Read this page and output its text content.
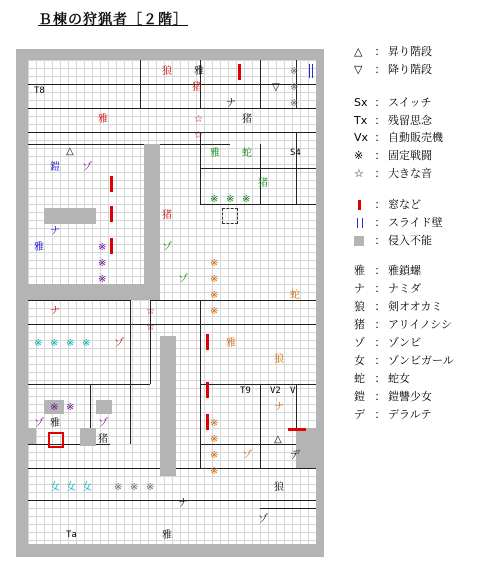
Ｂ棟の狩猟者［２階］
狼 雅	※
猪	▽ ※
※
ナ
雅	☆	猪
☆
△	雅 蛇
鎧 ゾ
猪
※ ※ ※
猪
ナ
雅	※	ゾ
※	※
※	ゾ ※
※	蛇
ナ	☆	※
☆
※ ※ ※ ※ ゾ	雅
狼
※ ※	ナ
ゾ 雅	ゾ	※
猪	※	△
※ ゾ	デ
※
女 女 女 ※ ※ ※	狼
ナ
ゾ
雅
T8
S4
T9 V2 V
Ta
△ ： 昇り階段
▽ ： 降り階段
Sx ： スイッチ
Tx ： 残留思念
Vx ： 自動販売機
※ ： 固定戦闘
☆ ： 大きな音
： 窓など
： スライド壁
： 侵入不能
雅 ： 雅鎖螺
ナ ： ナミダ
狼 ： 剣オオカミ
猪 ： アリイノシシ
ゾ ： ゾンビ
女 ： ゾンビガール
蛇 ： 蛇女
鎧 ： 鎧讐少女
デ ： デラルテ
